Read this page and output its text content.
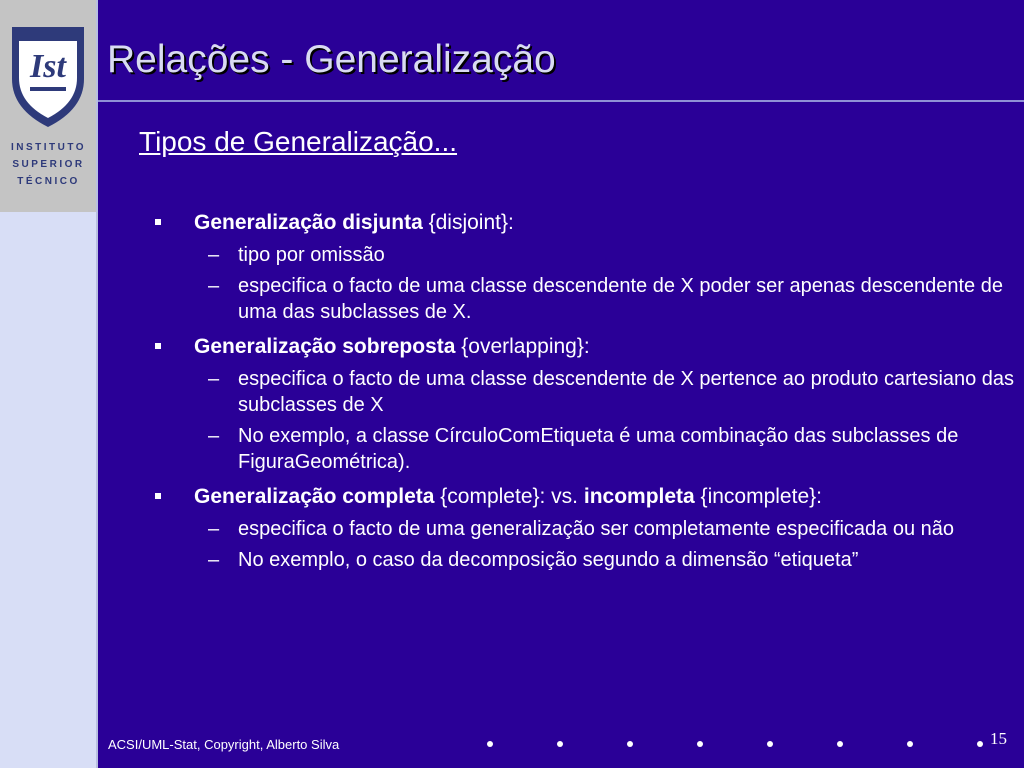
Ist
INSTITUTO
SUPERIOR
TÉCNICO
Relações - Generalização
Tipos de Generalização...
Generalização disjunta {disjoint}:
– tipo por omissão
– especifica o facto de uma classe descendente de X poder ser apenas descendente de uma das subclasses de X.
Generalização sobreposta {overlapping}:
– especifica o facto de uma classe descendente de X pertence ao produto cartesiano das subclasses de X
– No exemplo, a classe CírculoComEtiqueta é uma combinação das subclasses de FiguraGeométrica).
Generalização completa {complete}: vs. incompleta {incomplete}:
– especifica o facto de uma generalização ser completamente especificada ou não
– No exemplo, o caso da decomposição segundo a dimensão “etiqueta”
ACSI/UML-Stat, Copyright, Alberto Silva	15
